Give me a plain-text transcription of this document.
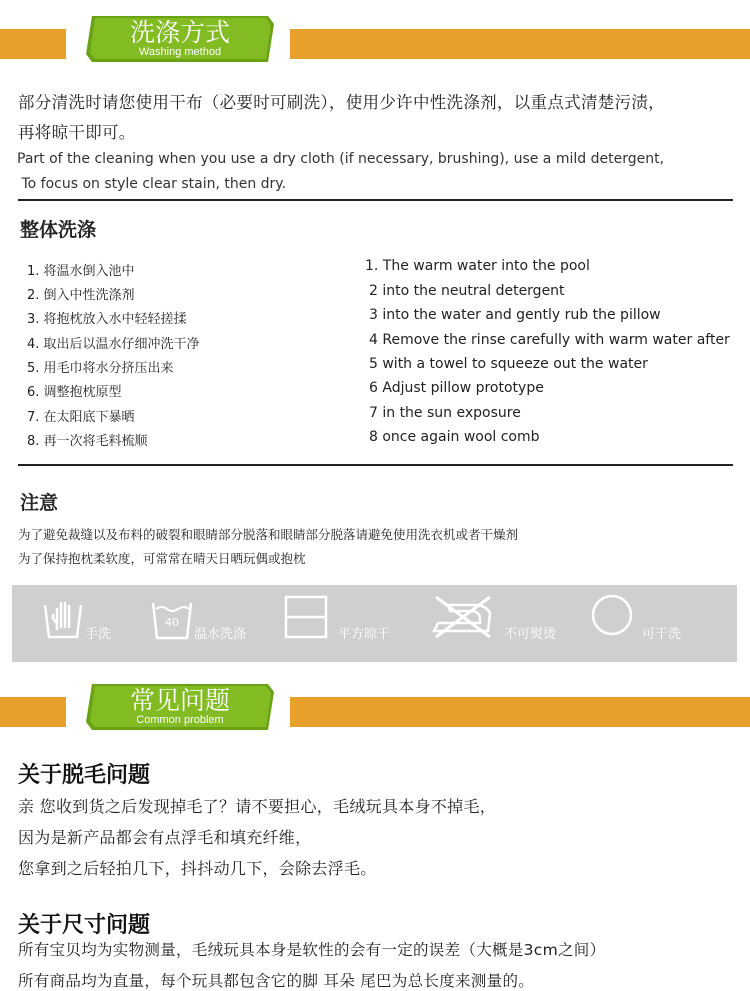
洗涤方式
Washing method
部分清洗时请您使用干布（必要时可刷洗），使用少许中性洗涤剂，以重点式清楚污渍，
再将晾干即可。
Part of the cleaning when you use a dry cloth (if necessary, brushing), use a mild detergent,
To focus on style clear stain, then dry.
整体洗涤
1. 将温水倒入池中
2. 倒入中性洗涤剂
3. 将抱枕放入水中轻轻搓揉
4. 取出后以温水仔细冲洗干净
5. 用毛巾将水分挤压出来
6. 调整抱枕原型
7. 在太阳底下暴晒
8. 再一次将毛料梳顺
1. The warm water into the pool
2 into the neutral detergent
3 into the water and gently rub the pillow
4 Remove the rinse carefully with warm water after
5 with a towel to squeeze out the water
6 Adjust pillow prototype
7 in the sun exposure
8 once again wool comb
注意
为了避免裁缝以及布料的破裂和眼睛部分脱落和眼睛部分脱落请避免使用洗衣机或者干燥剂
为了保持抱枕柔软度，可常常在晴天日晒玩偶或抱枕
手洗
40
温水洗涤	平方晾干	不可熨烫	可干洗
常见问题
Common problem
关于脱毛问题
亲 您收到货之后发现掉毛了？请不要担心，毛绒玩具本身不掉毛，
因为是新产品都会有点浮毛和填充纤维，
您拿到之后轻拍几下，抖抖动几下，会除去浮毛。
关于尺寸问题
所有宝贝均为实物测量，毛绒玩具本身是软性的会有一定的误差（大概是3cm之间）
所有商品均为直量，每个玩具都包含它的脚 耳朵 尾巴为总长度来测量的。
